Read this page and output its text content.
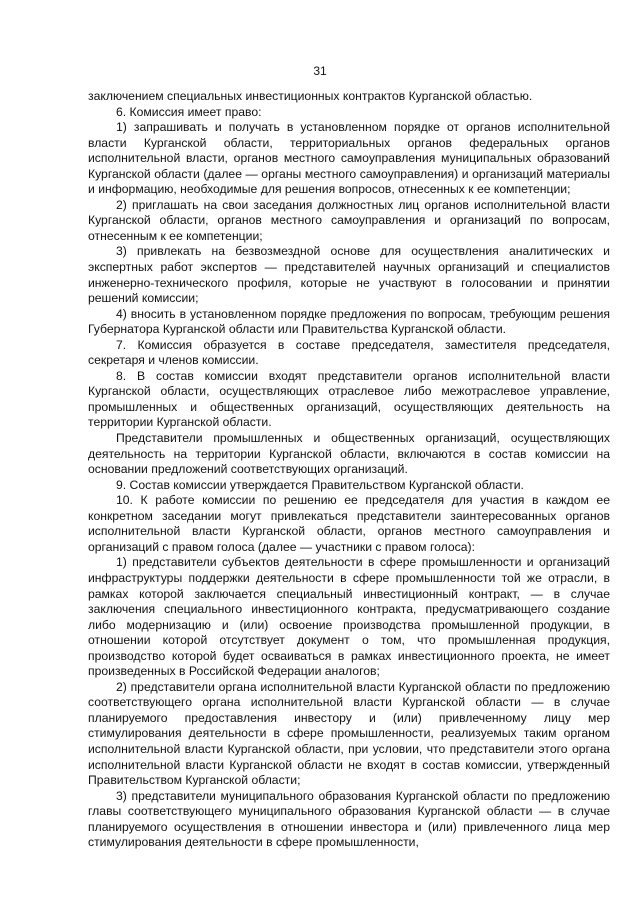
31

заключением специальных инвестиционных контрактов Курганской областью.

6. Комиссия имеет право:

1) запрашивать и получать в установленном порядке от органов исполнительной власти Курганской области, территориальных органов федеральных органов исполнительной власти, органов местного самоуправления муниципальных образований Курганской области (далее — органы местного самоуправления) и организаций материалы и информацию, необходимые для решения вопросов, отнесенных к ее компетенции;

2) приглашать на свои заседания должностных лиц органов исполнительной власти Курганской области, органов местного самоуправления и организаций по вопросам, отнесенным к ее компетенции;

3) привлекать на безвозмездной основе для осуществления аналитических и экспертных работ экспертов — представителей научных организаций и специалистов инженерно-технического профиля, которые не участвуют в голосовании и принятии решений комиссии;

4) вносить в установленном порядке предложения по вопросам, требующим решения Губернатора Курганской области или Правительства Курганской области.

7. Комиссия образуется в составе председателя, заместителя председателя, секретаря и членов комиссии.

8. В состав комиссии входят представители органов исполнительной власти Курганской области, осуществляющих отраслевое либо межотраслевое управление, промышленных и общественных организаций, осуществляющих деятельность на территории Курганской области.

Представители промышленных и общественных организаций, осуществляющих деятельность на территории Курганской области, включаются в состав комиссии на основании предложений соответствующих организаций.

9. Состав комиссии утверждается Правительством Курганской области.

10. К работе комиссии по решению ее председателя для участия в каждом ее конкретном заседании могут привлекаться представители заинтересованных органов исполнительной власти Курганской области, органов местного самоуправления и организаций с правом голоса (далее — участники с правом голоса):

1) представители субъектов деятельности в сфере промышленности и организаций инфраструктуры поддержки деятельности в сфере промышленности той же отрасли, в рамках которой заключается специальный инвестиционный контракт, — в случае заключения специального инвестиционного контракта, предусматривающего создание либо модернизацию и (или) освоение производства промышленной продукции, в отношении которой отсутствует документ о том, что промышленная продукция, производство которой будет осваиваться в рамках инвестиционного проекта, не имеет произведенных в Российской Федерации аналогов;

2) представители органа исполнительной власти Курганской области по предложению соответствующего органа исполнительной власти Курганской области — в случае планируемого предоставления инвестору и (или) привлеченному лицу мер стимулирования деятельности в сфере промышленности, реализуемых таким органом исполнительной власти Курганской области, при условии, что представители этого органа исполнительной власти Курганской области не входят в состав комиссии, утвержденный Правительством Курганской области;

3) представители муниципального образования Курганской области по предложению главы соответствующего муниципального образования Курганской области — в случае планируемого осуществления в отношении инвестора и (или) привлеченного лица мер стимулирования деятельности в сфере промышленности,
